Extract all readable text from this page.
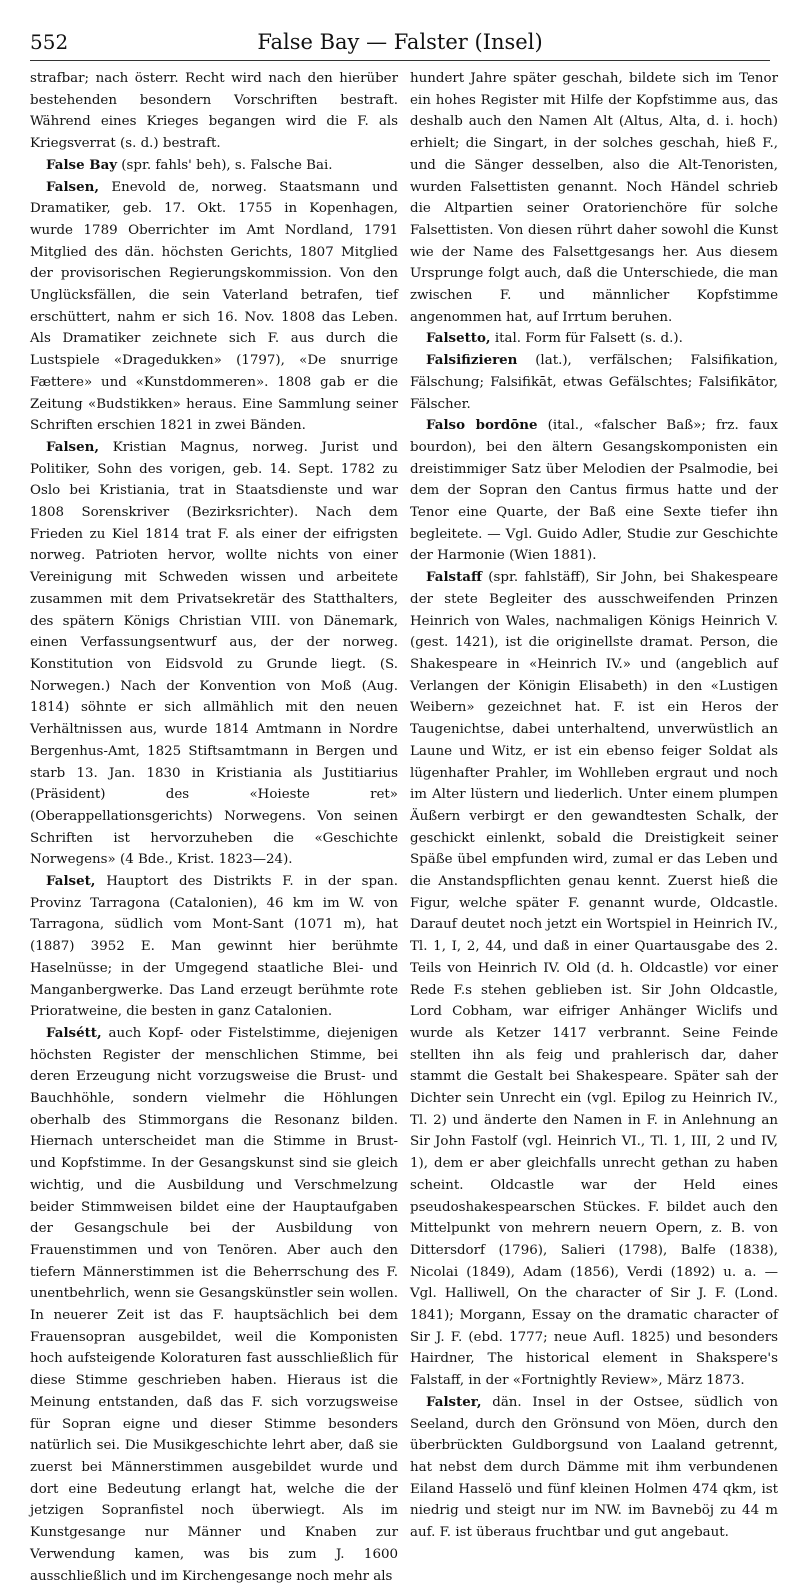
552	False Bay — Falster (Insel)

strafbar; nach österr. Recht wird nach den hierüber bestehenden besondern Vorschriften bestraft. Während eines Krieges begangen wird die F. als Kriegsverrat (s. d.) bestraft.

False Bay (spr. fahls' beh), s. Falsche Bai.

Falsen, Enevold de, norweg. Staatsmann und Dramatiker, geb. 17. Okt. 1755 in Kopenhagen, wurde 1789 Oberrichter im Amt Nordland, 1791 Mitglied des dän. höchsten Gerichts, 1807 Mitglied der provisorischen Regierungskommission. Von den Unglücksfällen, die sein Vaterland betrafen, tief erschüttert, nahm er sich 16. Nov. 1808 das Leben. Als Dramatiker zeichnete sich F. aus durch die Lustspiele «Dragedukken» (1797), «De snurrige Fættere» und «Kunstdommeren». 1808 gab er die Zeitung «Budstikken» heraus. Eine Sammlung seiner Schriften erschien 1821 in zwei Bänden.

Falsen, Kristian Magnus, norweg. Jurist und Politiker, Sohn des vorigen, geb. 14. Sept. 1782 zu Oslo bei Kristiania, trat in Staatsdienste und war 1808 Sorenskriver (Bezirksrichter). Nach dem Frieden zu Kiel 1814 trat F. als einer der eifrigsten norweg. Patrioten hervor, wollte nichts von einer Vereinigung mit Schweden wissen und arbeitete zusammen mit dem Privatsekretär des Statthalters, des spätern Königs Christian VIII. von Dänemark, einen Verfassungsentwurf aus, der der norweg. Konstitution von Eidsvold zu Grunde liegt. (S. Norwegen.) Nach der Konvention von Moß (Aug. 1814) söhnte er sich allmählich mit den neuen Verhältnissen aus, wurde 1814 Amtmann in Nordre Bergenhus-Amt, 1825 Stiftsamtmann in Bergen und starb 13. Jan. 1830 in Kristiania als Justitiarius (Präsident) des «Hoieste ret» (Oberappellationsgerichts) Norwegens. Von seinen Schriften ist hervorzuheben die «Geschichte Norwegens» (4 Bde., Krist. 1823—24).

Falset, Hauptort des Distrikts F. in der span. Provinz Tarragona (Catalonien), 46 km im W. von Tarragona, südlich vom Mont-Sant (1071 m), hat (1887) 3952 E. Man gewinnt hier berühmte Haselnüsse; in der Umgegend staatliche Blei- und Manganbergwerke. Das Land erzeugt berühmte rote Prioratweine, die besten in ganz Catalonien.

Falsétt, auch Kopf- oder Fistelstimme, diejenigen höchsten Register der menschlichen Stimme, bei deren Erzeugung nicht vorzugsweise die Brust- und Bauchhöhle, sondern vielmehr die Höhlungen oberhalb des Stimmorgans die Resonanz bilden. Hiernach unterscheidet man die Stimme in Brust- und Kopfstimme. In der Gesangskunst sind sie gleich wichtig, und die Ausbildung und Verschmelzung beider Stimmweisen bildet eine der Hauptaufgaben der Gesangschule bei der Ausbildung von Frauenstimmen und von Tenören. Aber auch den tiefern Männerstimmen ist die Beherrschung des F. unentbehrlich, wenn sie Gesangskünstler sein wollen. In neuerer Zeit ist das F. hauptsächlich bei dem Frauensopran ausgebildet, weil die Komponisten hoch aufsteigende Koloraturen fast ausschließlich für diese Stimme geschrieben haben. Hieraus ist die Meinung entstanden, daß das F. sich vorzugsweise für Sopran eigne und dieser Stimme besonders natürlich sei. Die Musikgeschichte lehrt aber, daß sie zuerst bei Männerstimmen ausgebildet wurde und dort eine Bedeutung erlangt hat, welche die der jetzigen Sopranfistel noch überwiegt. Als im Kunstgesange nur Männer und Knaben zur Verwendung kamen, was bis zum J. 1600 ausschließlich und im Kirchengesange noch mehr als

hundert Jahre später geschah, bildete sich im Tenor ein hohes Register mit Hilfe der Kopfstimme aus, das deshalb auch den Namen Alt (Altus, Alta, d. i. hoch) erhielt; die Singart, in der solches geschah, hieß F., und die Sänger desselben, also die Alt-Tenoristen, wurden Falsettisten genannt. Noch Händel schrieb die Altpartien seiner Oratorienchöre für solche Falsettisten. Von diesen rührt daher sowohl die Kunst wie der Name des Falsettgesangs her. Aus diesem Ursprunge folgt auch, daß die Unterschiede, die man zwischen F. und männlicher Kopfstimme angenommen hat, auf Irrtum beruhen.

Falsetto, ital. Form für Falsett (s. d.).

Falsifizieren (lat.), verfälschen; Falsifikation, Fälschung; Falsifikāt, etwas Gefälschtes; Falsifikātor, Fälscher.

Falso bordōne (ital., «falscher Baß»; frz. faux bourdon), bei den ältern Gesangskomponisten ein dreistimmiger Satz über Melodien der Psalmodie, bei dem der Sopran den Cantus firmus hatte und der Tenor eine Quarte, der Baß eine Sexte tiefer ihn begleitete. — Vgl. Guido Adler, Studie zur Geschichte der Harmonie (Wien 1881).

Falstaff (spr. fahlstäff), Sir John, bei Shakespeare der stete Begleiter des ausschweifenden Prinzen Heinrich von Wales, nachmaligen Königs Heinrich V. (gest. 1421), ist die originellste dramat. Person, die Shakespeare in «Heinrich IV.» und (angeblich auf Verlangen der Königin Elisabeth) in den «Lustigen Weibern» gezeichnet hat. F. ist ein Heros der Taugenichtse, dabei unterhaltend, unverwüstlich an Laune und Witz, er ist ein ebenso feiger Soldat als lügenhafter Prahler, im Wohlleben ergraut und noch im Alter lüstern und liederlich. Unter einem plumpen Äußern verbirgt er den gewandtesten Schalk, der geschickt einlenkt, sobald die Dreistigkeit seiner Späße übel empfunden wird, zumal er das Leben und die Anstandspflichten genau kennt. Zuerst hieß die Figur, welche später F. genannt wurde, Oldcastle. Darauf deutet noch jetzt ein Wortspiel in Heinrich IV., Tl. 1, I, 2, 44, und daß in einer Quartausgabe des 2. Teils von Heinrich IV. Old (d. h. Oldcastle) vor einer Rede F.s stehen geblieben ist. Sir John Oldcastle, Lord Cobham, war eifriger Anhänger Wiclifs und wurde als Ketzer 1417 verbrannt. Seine Feinde stellten ihn als feig und prahlerisch dar, daher stammt die Gestalt bei Shakespeare. Später sah der Dichter sein Unrecht ein (vgl. Epilog zu Heinrich IV., Tl. 2) und änderte den Namen in F. in Anlehnung an Sir John Fastolf (vgl. Heinrich VI., Tl. 1, III, 2 und IV, 1), dem er aber gleichfalls unrecht gethan zu haben scheint. Oldcastle war der Held eines pseudoshakespearschen Stückes. F. bildet auch den Mittelpunkt von mehrern neuern Opern, z. B. von Dittersdorf (1796), Salieri (1798), Balfe (1838), Nicolai (1849), Adam (1856), Verdi (1892) u. a. — Vgl. Halliwell, On the character of Sir J. F. (Lond. 1841); Morgann, Essay on the dramatic character of Sir J. F. (ebd. 1777; neue Aufl. 1825) und besonders Hairdner, The historical element in Shakspere's Falstaff, in der «Fortnightly Review», März 1873.

Falster, dän. Insel in der Ostsee, südlich von Seeland, durch den Grönsund von Möen, durch den überbrückten Guldborgsund von Laaland getrennt, hat nebst dem durch Dämme mit ihm verbundenen Eiland Hasselö und fünf kleinen Holmen 474 qkm, ist niedrig und steigt nur im NW. im Bavneböj zu 44 m auf. F. ist überaus fruchtbar und gut angebaut.
